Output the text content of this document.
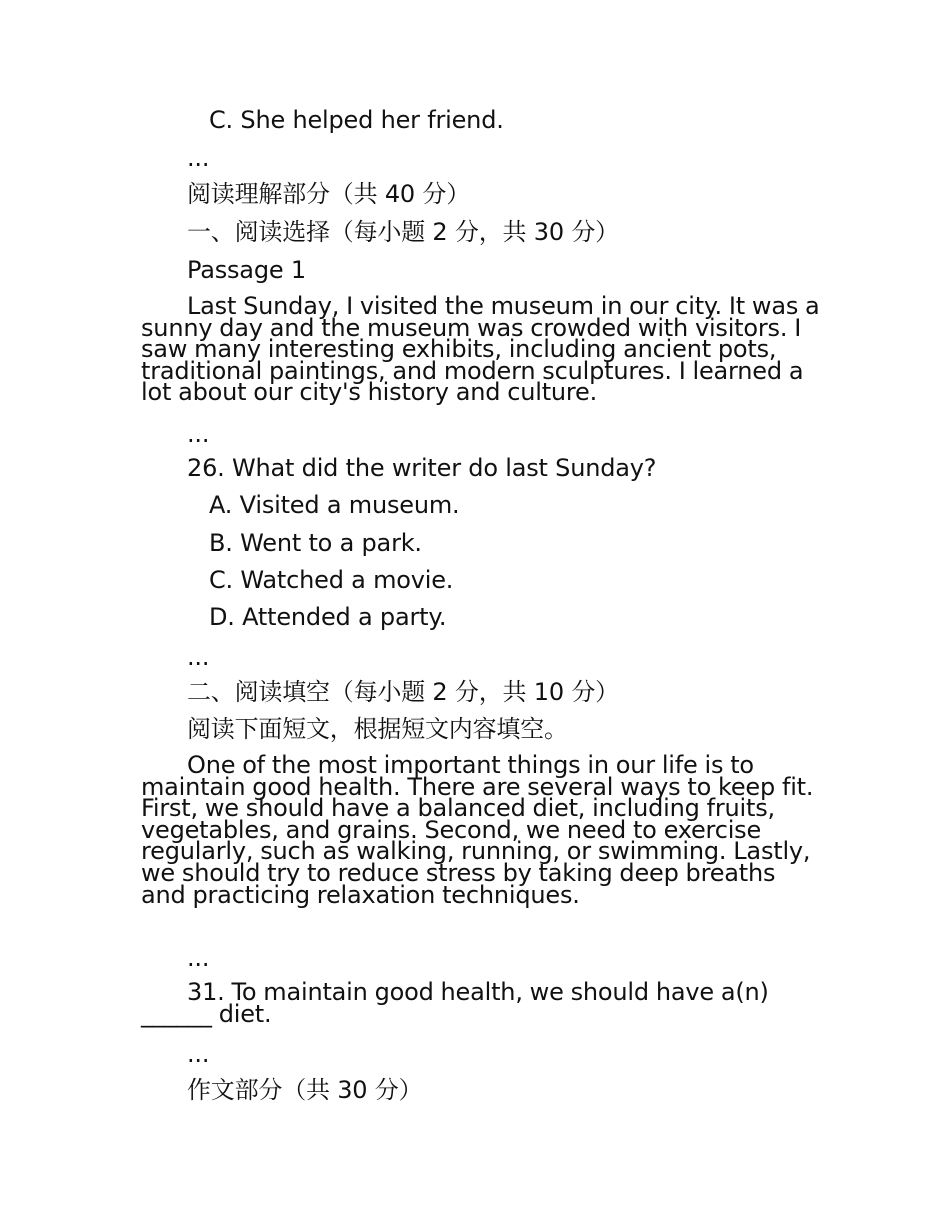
C. She helped her friend.
...
阅读理解部分（共 40 分）
一、阅读选择（每小题 2 分，共 30 分）
Passage 1
Last Sunday, I visited the museum in our city. It was a sunny day and the museum was crowded with visitors. I saw many interesting exhibits, including ancient pots, traditional paintings, and modern sculptures. I learned a lot about our city's history and culture.
...
26. What did the writer do last Sunday?
A. Visited a museum.
B. Went to a park.
C. Watched a movie.
D. Attended a party.
...
二、阅读填空（每小题 2 分，共 10 分）
阅读下面短文，根据短文内容填空。
One of the most important things in our life is to maintain good health. There are several ways to keep fit. First, we should have a balanced diet, including fruits, vegetables, and grains. Second, we need to exercise regularly, such as walking, running, or swimming. Lastly, we should try to reduce stress by taking deep breaths and practicing relaxation techniques.
...
31. To maintain good health, we should have a(n) ______ diet.
...
作文部分（共 30 分）
